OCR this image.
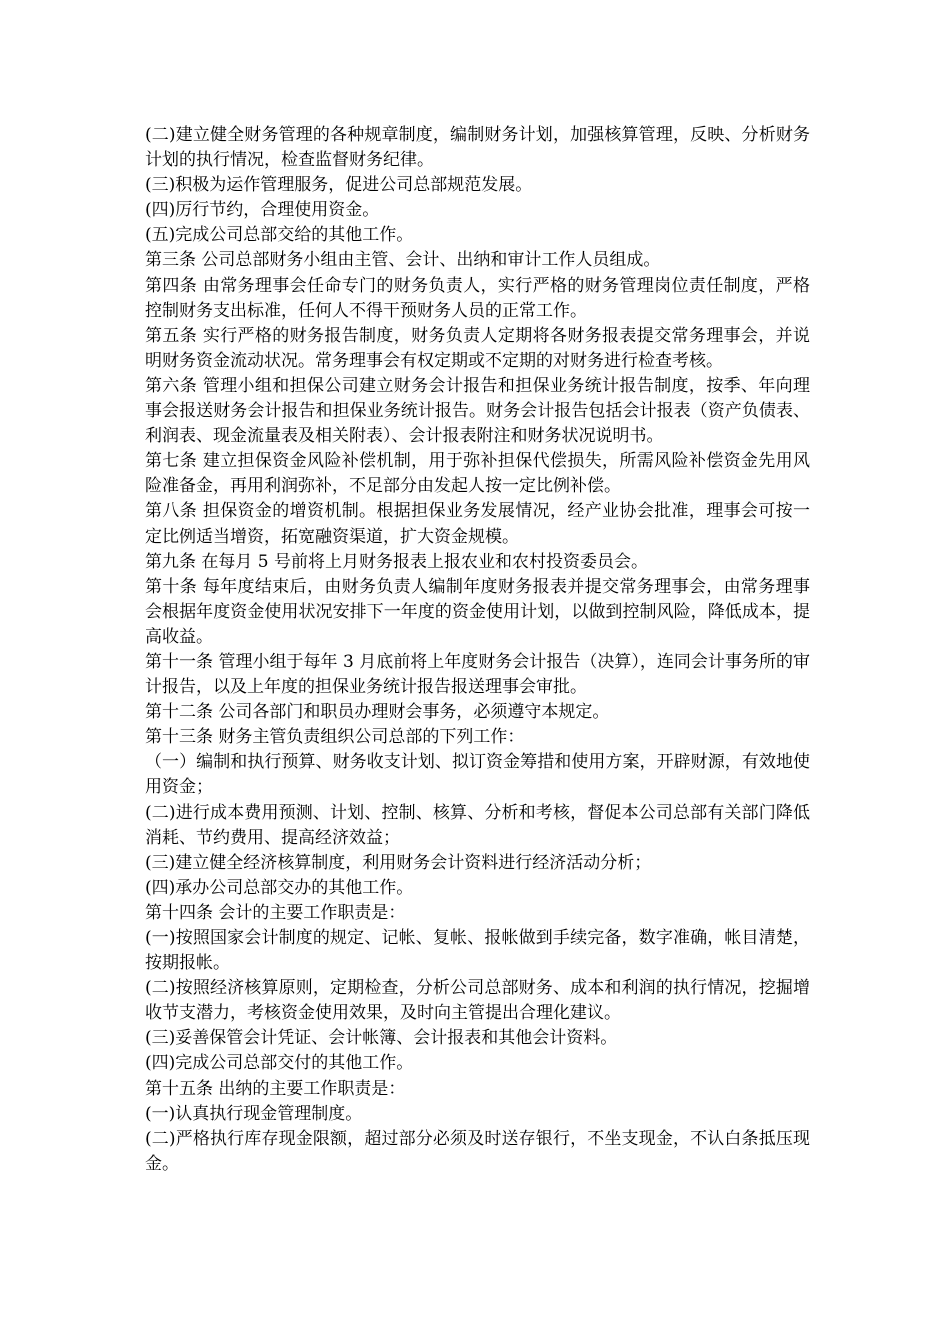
(二)建立健全财务管理的各种规章制度，编制财务计划，加强核算管理，反映、分析财务计划的执行情况，检查监督财务纪律。

(三)积极为运作管理服务，促进公司总部规范发展。

(四)厉行节约，合理使用资金。

(五)完成公司总部交给的其他工作。

第三条 公司总部财务小组由主管、会计、出纳和审计工作人员组成。

第四条 由常务理事会任命专门的财务负责人，实行严格的财务管理岗位责任制度，严格控制财务支出标准，任何人不得干预财务人员的正常工作。

第五条 实行严格的财务报告制度，财务负责人定期将各财务报表提交常务理事会，并说明财务资金流动状况。常务理事会有权定期或不定期的对财务进行检查考核。

第六条 管理小组和担保公司建立财务会计报告和担保业务统计报告制度，按季、年向理事会报送财务会计报告和担保业务统计报告。财务会计报告包括会计报表（资产负债表、利润表、现金流量表及相关附表）、会计报表附注和财务状况说明书。

第七条 建立担保资金风险补偿机制，用于弥补担保代偿损失，所需风险补偿资金先用风险准备金，再用利润弥补，不足部分由发起人按一定比例补偿。

第八条 担保资金的增资机制。根据担保业务发展情况，经产业协会批准，理事会可按一定比例适当增资，拓宽融资渠道，扩大资金规模。

第九条 在每月 5 号前将上月财务报表上报农业和农村投资委员会。

第十条 每年度结束后，由财务负责人编制年度财务报表并提交常务理事会，由常务理事会根据年度资金使用状况安排下一年度的资金使用计划，以做到控制风险，降低成本，提高收益。

第十一条 管理小组于每年 3 月底前将上年度财务会计报告（决算），连同会计事务所的审计报告，以及上年度的担保业务统计报告报送理事会审批。

第十二条 公司各部门和职员办理财会事务，必须遵守本规定。

第十三条 财务主管负责组织公司总部的下列工作：

（一）编制和执行预算、财务收支计划、拟订资金筹措和使用方案，开辟财源，有效地使用资金；

(二)进行成本费用预测、计划、控制、核算、分析和考核，督促本公司总部有关部门降低消耗、节约费用、提高经济效益；

(三)建立健全经济核算制度，利用财务会计资料进行经济活动分析；

(四)承办公司总部交办的其他工作。

第十四条 会计的主要工作职责是：

(一)按照国家会计制度的规定、记帐、复帐、报帐做到手续完备，数字准确，帐目清楚，按期报帐。

(二)按照经济核算原则，定期检查，分析公司总部财务、成本和利润的执行情况，挖掘增收节支潜力，考核资金使用效果，及时向主管提出合理化建议。

(三)妥善保管会计凭证、会计帐簿、会计报表和其他会计资料。

(四)完成公司总部交付的其他工作。

第十五条 出纳的主要工作职责是：

(一)认真执行现金管理制度。

(二)严格执行库存现金限额，超过部分必须及时送存银行，不坐支现金，不认白条抵压现金。
